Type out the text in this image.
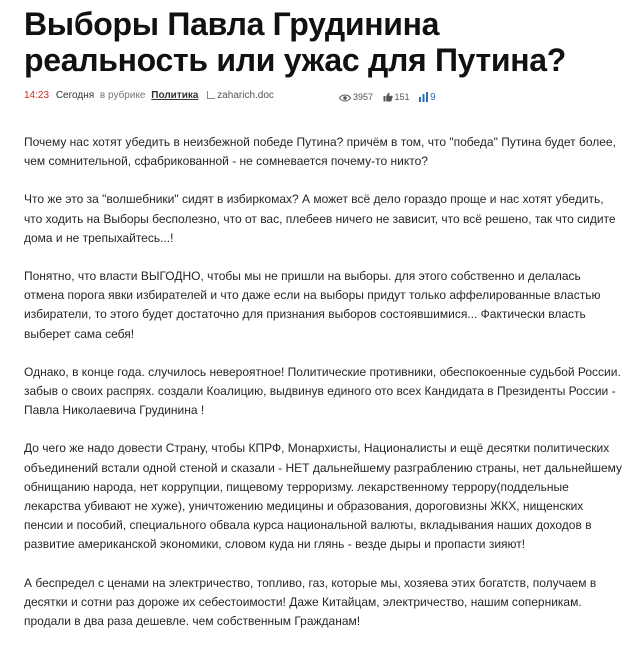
Выборы Павла Грудинина реальность или ужас для Путина?
14:23 Сегодня в рубрике Политика zaharich.doc	3957 151 9

Почему нас хотят убедить в неизбежной победе Путина? причём в том, что "победа" Путина будет более, чем сомнительной, сфабрикованной - не сомневается почему-то никто?

Что же это за "волшебники" сидят в избиркомах? А может всё дело гораздо проще и нас хотят убедить, что ходить на Выборы бесполезно, что от вас, плебеев ничего не зависит, что всё решено, так что сидите дома и не трепыхайтесь...!

Понятно, что власти ВЫГОДНО, чтобы мы не пришли на выборы. для этого собственно и делалась отмена порога явки избирателей и что даже если на выборы придут только аффелированные властью избиратели, то этого будет достаточно для признания выборов состоявшимися... Фактически власть выберет сама себя!

Однако, в конце года. случилось невероятное! Политические противники, обеспокоенные судьбой России. забыв о своих распрях. создали Коалицию, выдвинув единого ото всех Кандидата в Президенты России - Павла Николаевича Грудинина !

До чего же надо довести Страну, чтобы КПРФ, Монархисты, Националисты и ещё десятки политических объединений встали одной стеной и сказали - НЕТ дальнейшему разграблению страны, нет дальнейшему обнищанию народа, нет коррупции, пищевому терроризму. лекарственному террору(поддельные лекарства убивают не хуже), уничтожению медицины и образования, дороговизны ЖКХ, нищенских пенсии и пособий, специального обвала курса национальной валюты, вкладывания наших доходов в развитие американской экономики, словом куда ни глянь - везде дыры и пропасти зияют!

А беспредел с ценами на электричество, топливо, газ, которые мы, хозяева этих богатств, получаем в десятки и сотни раз дороже их себестоимости! Даже Китайцам, электричество, нашим соперникам. продали в два раза дешевле. чем собственным Гражданам!
